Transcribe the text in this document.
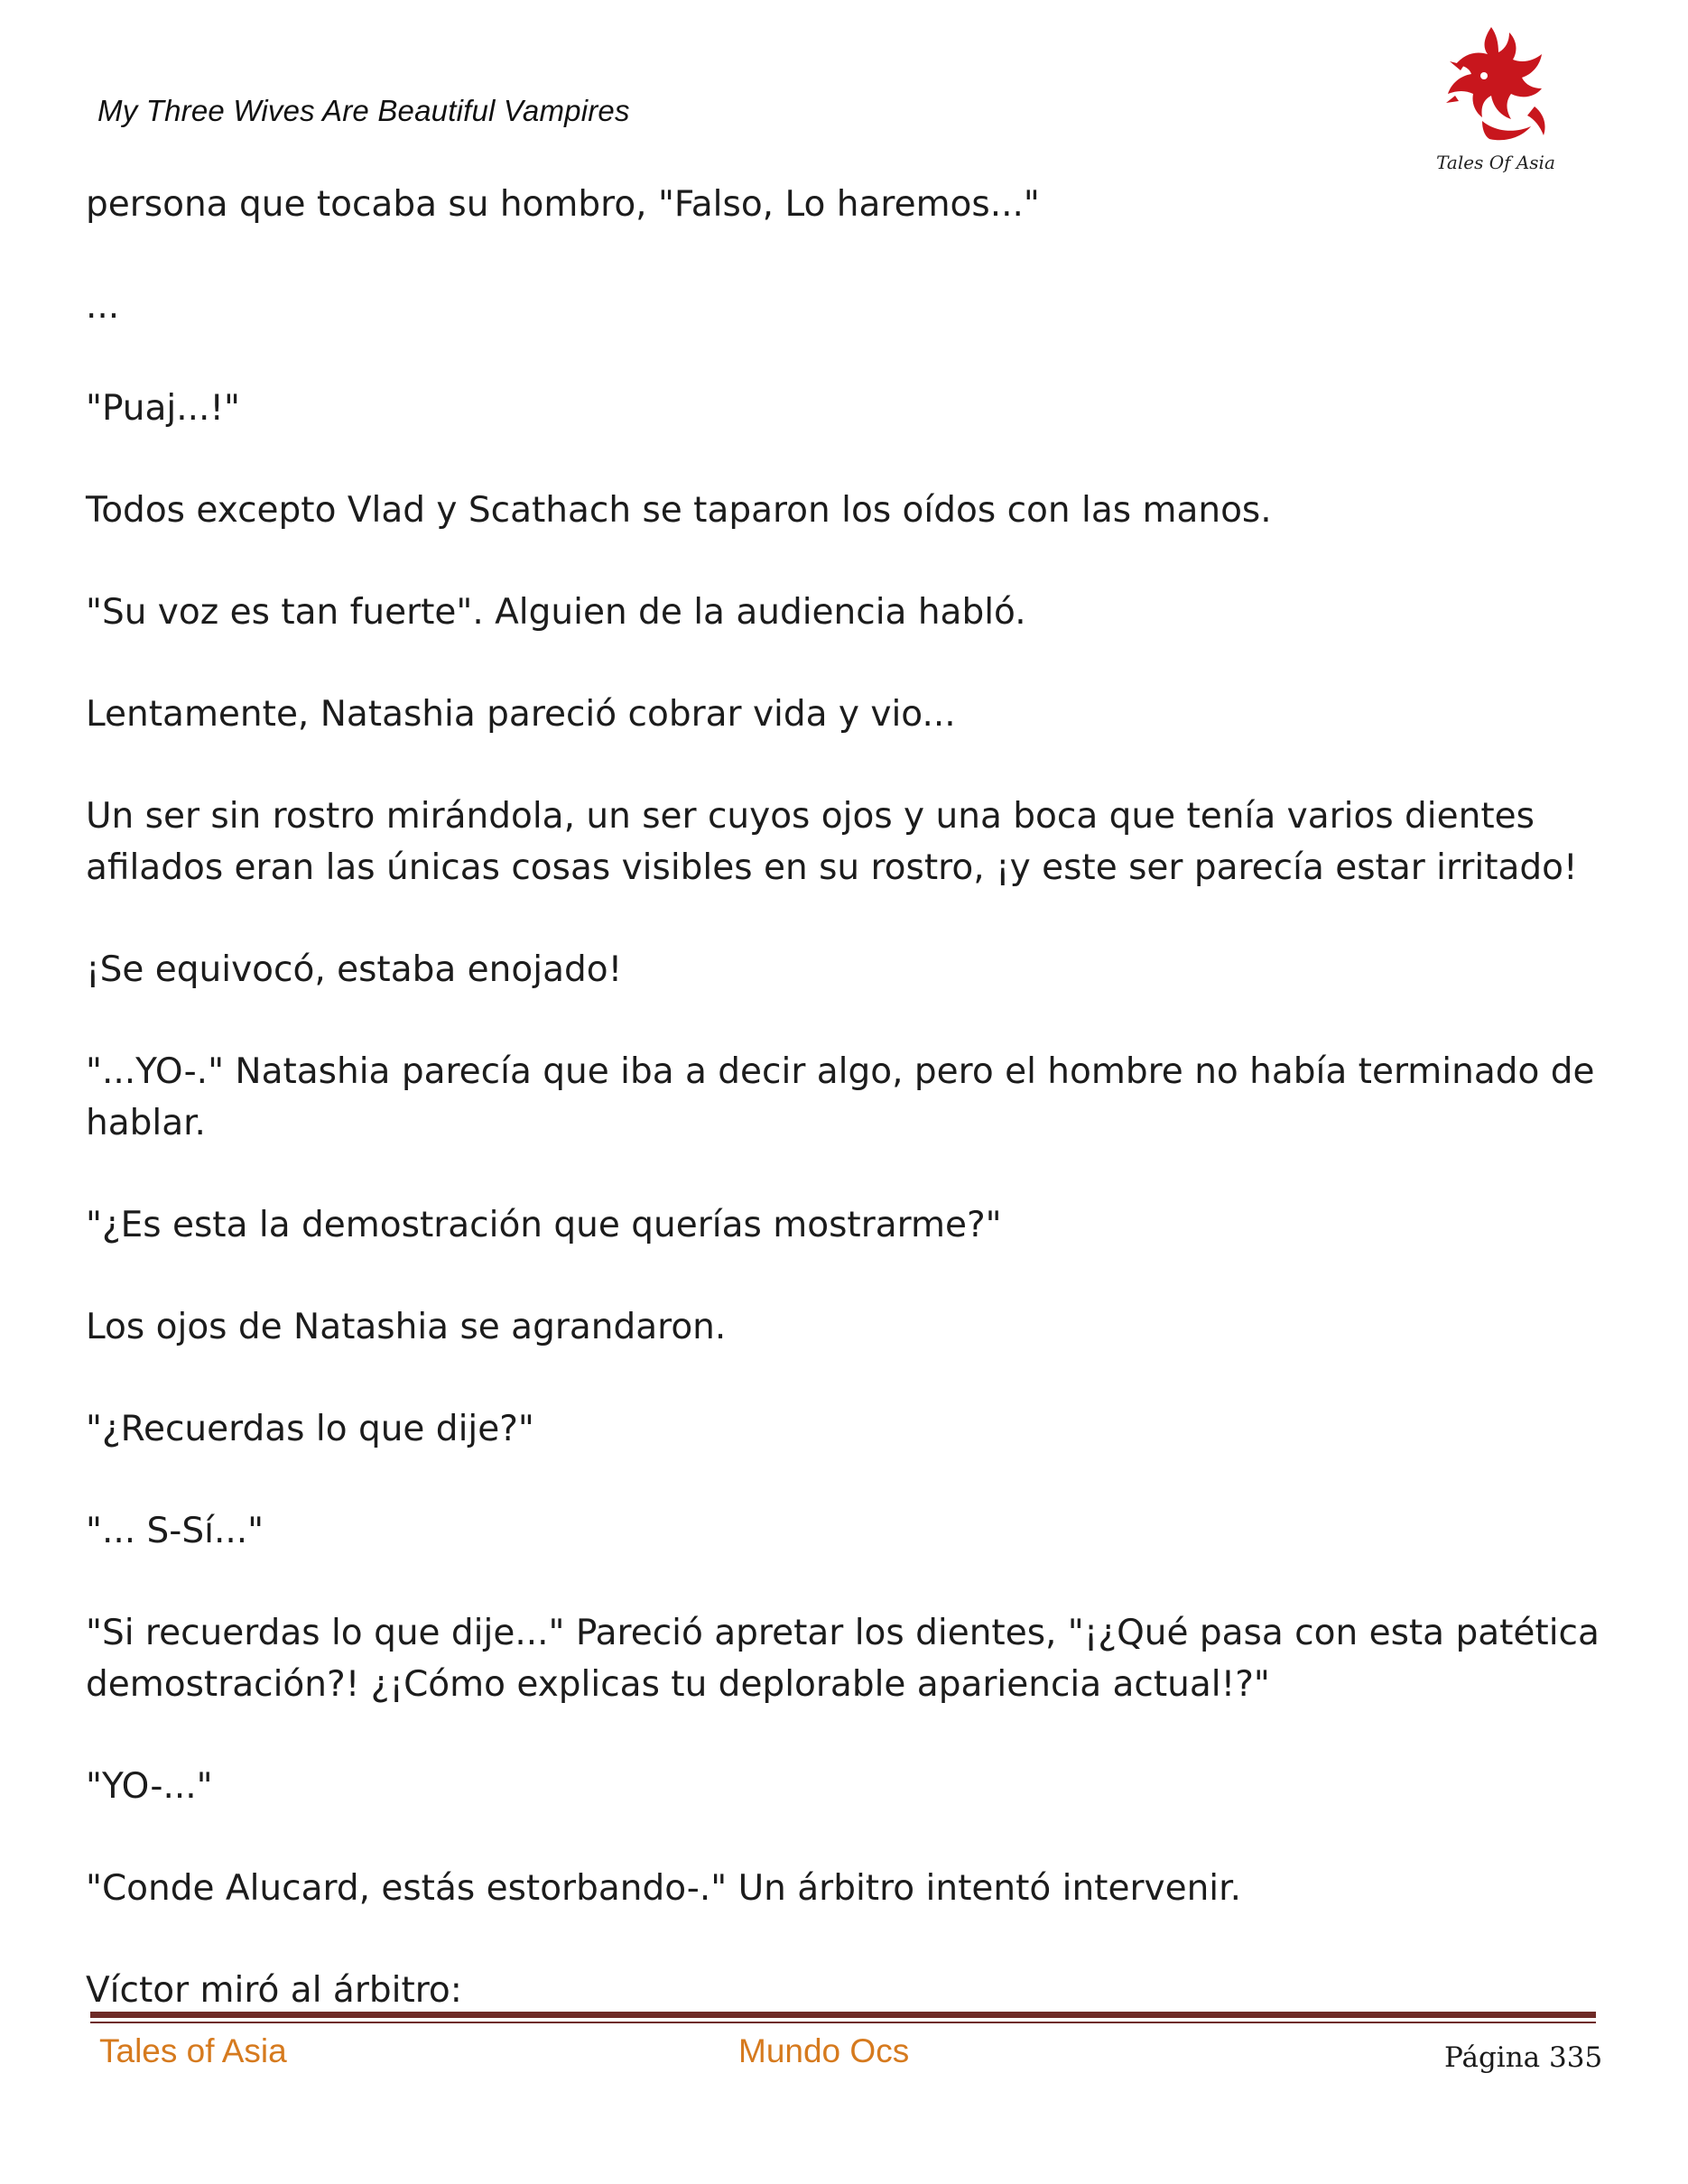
My Three Wives Are Beautiful Vampires
Tales Of Asia

persona que tocaba su hombro, "Falso, Lo haremos..."

...

"Puaj...!"

Todos excepto Vlad y Scathach se taparon los oídos con las manos.

"Su voz es tan fuerte". Alguien de la audiencia habló.

Lentamente, Natashia pareció cobrar vida y vio...

Un ser sin rostro mirándola, un ser cuyos ojos y una boca que tenía varios dientes afilados eran las únicas cosas visibles en su rostro, ¡y este ser parecía estar irritado!

¡Se equivocó, estaba enojado!

"...YO-." Natashia parecía que iba a decir algo, pero el hombre no había terminado de hablar.

"¿Es esta la demostración que querías mostrarme?"

Los ojos de Natashia se agrandaron.

"¿Recuerdas lo que dije?"

"... S-Sí..."

"Si recuerdas lo que dije..." Pareció apretar los dientes, "¡¿Qué pasa con esta patética demostración?! ¿¡Cómo explicas tu deplorable apariencia actual!?"

"YO-..."

"Conde Alucard, estás estorbando-." Un árbitro intentó intervenir.

Víctor miró al árbitro:

Tales of Asia	Mundo Ocs	Página 335
